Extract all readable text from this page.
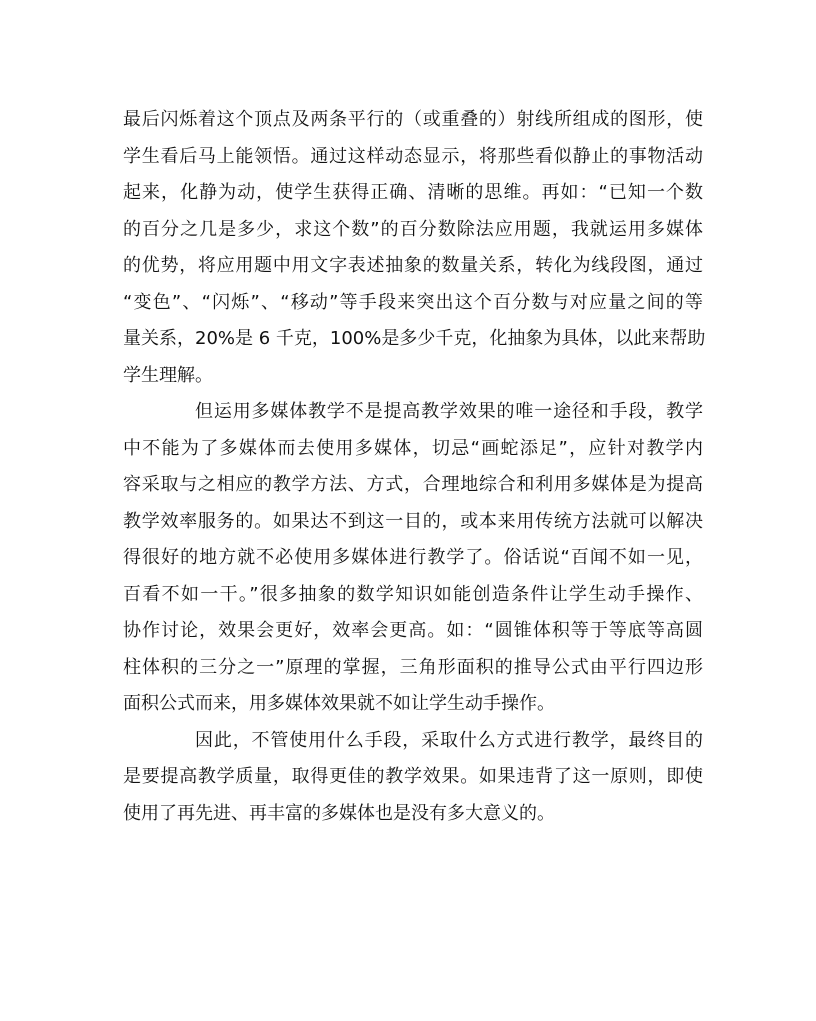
最后闪烁着这个顶点及两条平行的（或重叠的）射线所组成的图形，使
学生看后马上能领悟。通过这样动态显示，将那些看似静止的事物活动
起来，化静为动，使学生获得正确、清晰的思维。再如：“已知一个数
的百分之几是多少，求这个数”的百分数除法应用题，我就运用多媒体
的优势，将应用题中用文字表述抽象的数量关系，转化为线段图，通过
“变色”、“闪烁”、“移动”等手段来突出这个百分数与对应量之间的等
量关系，20%是 6 千克，100%是多少千克，化抽象为具体，以此来帮助
学生理解。
但运用多媒体教学不是提高教学效果的唯一途径和手段，教学
中不能为了多媒体而去使用多媒体，切忌“画蛇添足”，应针对教学内
容采取与之相应的教学方法、方式，合理地综合和利用多媒体是为提高
教学效率服务的。如果达不到这一目的，或本来用传统方法就可以解决
得很好的地方就不必使用多媒体进行教学了。俗话说“百闻不如一见，
百看不如一干。”很多抽象的数学知识如能创造条件让学生动手操作、
协作讨论，效果会更好，效率会更高。如：“圆锥体积等于等底等高圆
柱体积的三分之一”原理的掌握，三角形面积的推导公式由平行四边形
面积公式而来，用多媒体效果就不如让学生动手操作。
因此，不管使用什么手段，采取什么方式进行教学，最终目的
是要提高教学质量，取得更佳的教学效果。如果违背了这一原则，即使
使用了再先进、再丰富的多媒体也是没有多大意义的。
